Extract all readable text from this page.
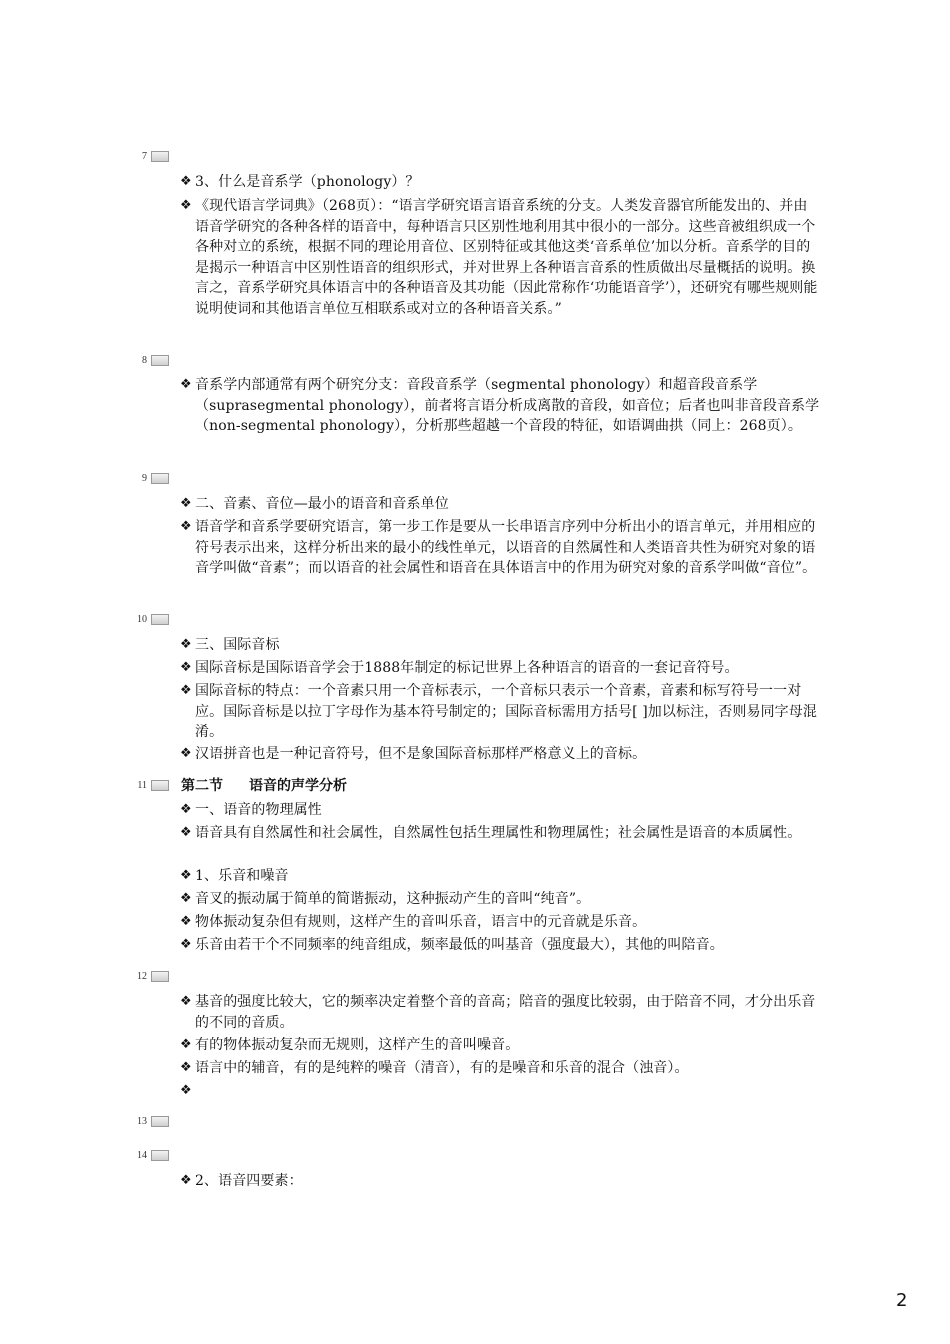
7
❖ 3、什么是音系学（phonology）？
❖ 《现代语言学词典》（268页）：“语言学研究语言语音系统的分支。人类发音器官所能发出的、并由语音学研究的各种各样的语音中，每种语言只区别性地利用其中很小的一部分。这些音被组织成一个各种对立的系统，根据不同的理论用音位、区别特征或其他这类‘音系单位’加以分析。音系学的目的是揭示一种语言中区别性语音的组织形式，并对世界上各种语言音系的性质做出尽量概括的说明。换言之，音系学研究具体语言中的各种语音及其功能（因此常称作‘功能语音学’），还研究有哪些规则能说明使词和其他语言单位互相联系或对立的各种语音关系。”
8
❖ 音系学内部通常有两个研究分支：音段音系学（segmental phonology）和超音段音系学（suprasegmental phonology），前者将言语分析成离散的音段，如音位；后者也叫非音段音系学（non-segmental phonology），分析那些超越一个音段的特征，如语调曲拱（同上：268页）。
9
❖ 二、音素、音位—最小的语音和音系单位
❖ 语音学和音系学要研究语言，第一步工作是要从一长串语言序列中分析出小的语言单元，并用相应的符号表示出来，这样分析出来的最小的线性单元，以语音的自然属性和人类语音共性为研究对象的语音学叫做“音素”；而以语音的社会属性和语音在具体语言中的作用为研究对象的音系学叫做“音位”。
10
❖ 三、国际音标
❖ 国际音标是国际语音学会于1888年制定的标记世界上各种语言的语音的一套记音符号。
❖ 国际音标的特点：一个音素只用一个音标表示，一个音标只表示一个音素，音素和标写符号一一对应。国际音标是以拉丁字母作为基本符号制定的；国际音标需用方括号[ ]加以标注，否则易同字母混淆。
❖ 汉语拼音也是一种记音符号，但不是象国际音标那样严格意义上的音标。
11 第二节 语音的声学分析
❖ 一、语音的物理属性
❖ 语音具有自然属性和社会属性，自然属性包括生理属性和物理属性；社会属性是语音的本质属性。
❖ 1、乐音和噪音
❖ 音叉的振动属于简单的简谐振动，这种振动产生的音叫“纯音”。
❖ 物体振动复杂但有规则，这样产生的音叫乐音，语言中的元音就是乐音。
❖ 乐音由若干个不同频率的纯音组成，频率最低的叫基音（强度最大），其他的叫陪音。
12
❖ 基音的强度比较大，它的频率决定着整个音的音高；陪音的强度比较弱，由于陪音不同，才分出乐音的不同的音质。
❖ 有的物体振动复杂而无规则，这样产生的音叫噪音。
❖ 语言中的辅音，有的是纯粹的噪音（清音），有的是噪音和乐音的混合（浊音）。
❖
13
14
❖ 2、语音四要素：
2
